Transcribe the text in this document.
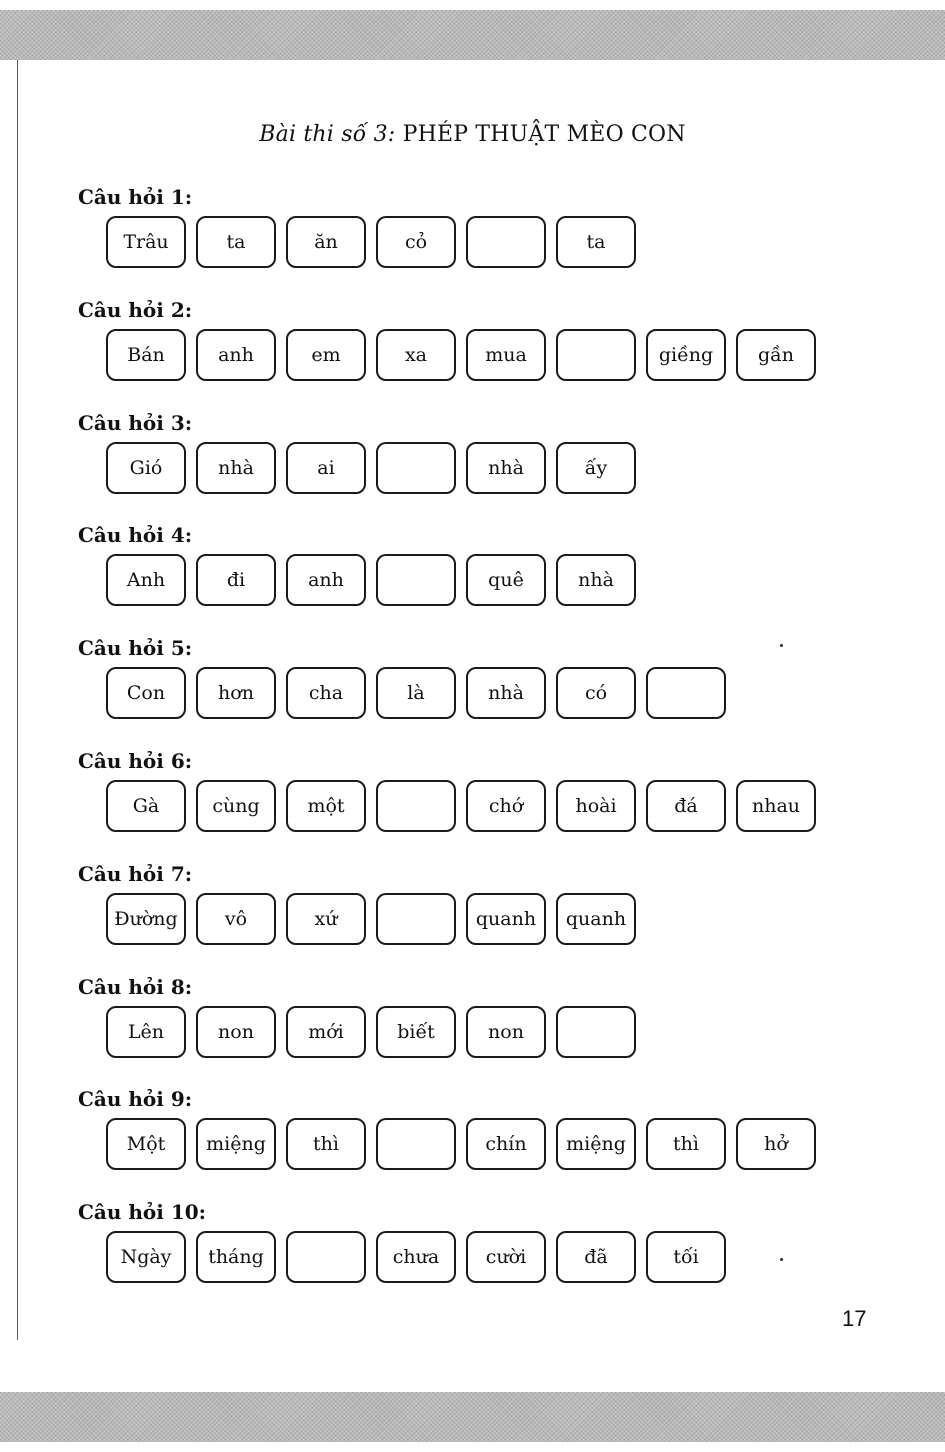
Bài thi số 3: PHÉP THUẬT MÈO CON
Câu hỏi 1:
Trâu	ta	ăn	cỏ	ta
Câu hỏi 2:
Bán	anh	em	xa	mua	giềng	gần
Câu hỏi 3:
Gió	nhà	ai	nhà	ấy
Câu hỏi 4:
Anh	đi	anh	quê	nhà
Câu hỏi 5:
Con	hơn	cha	là	nhà	có
Câu hỏi 6:
Gà	cùng	một	chớ	hoài	đá	nhau
Câu hỏi 7:
Đường	vô	xứ	quanh	quanh
Câu hỏi 8:
Lên	non	mới	biết	non
Câu hỏi 9:
Một	miệng	thì	chín	miệng	thì	hở
Câu hỏi 10:
Ngày	tháng	chưa	cười	đã	tối
17
